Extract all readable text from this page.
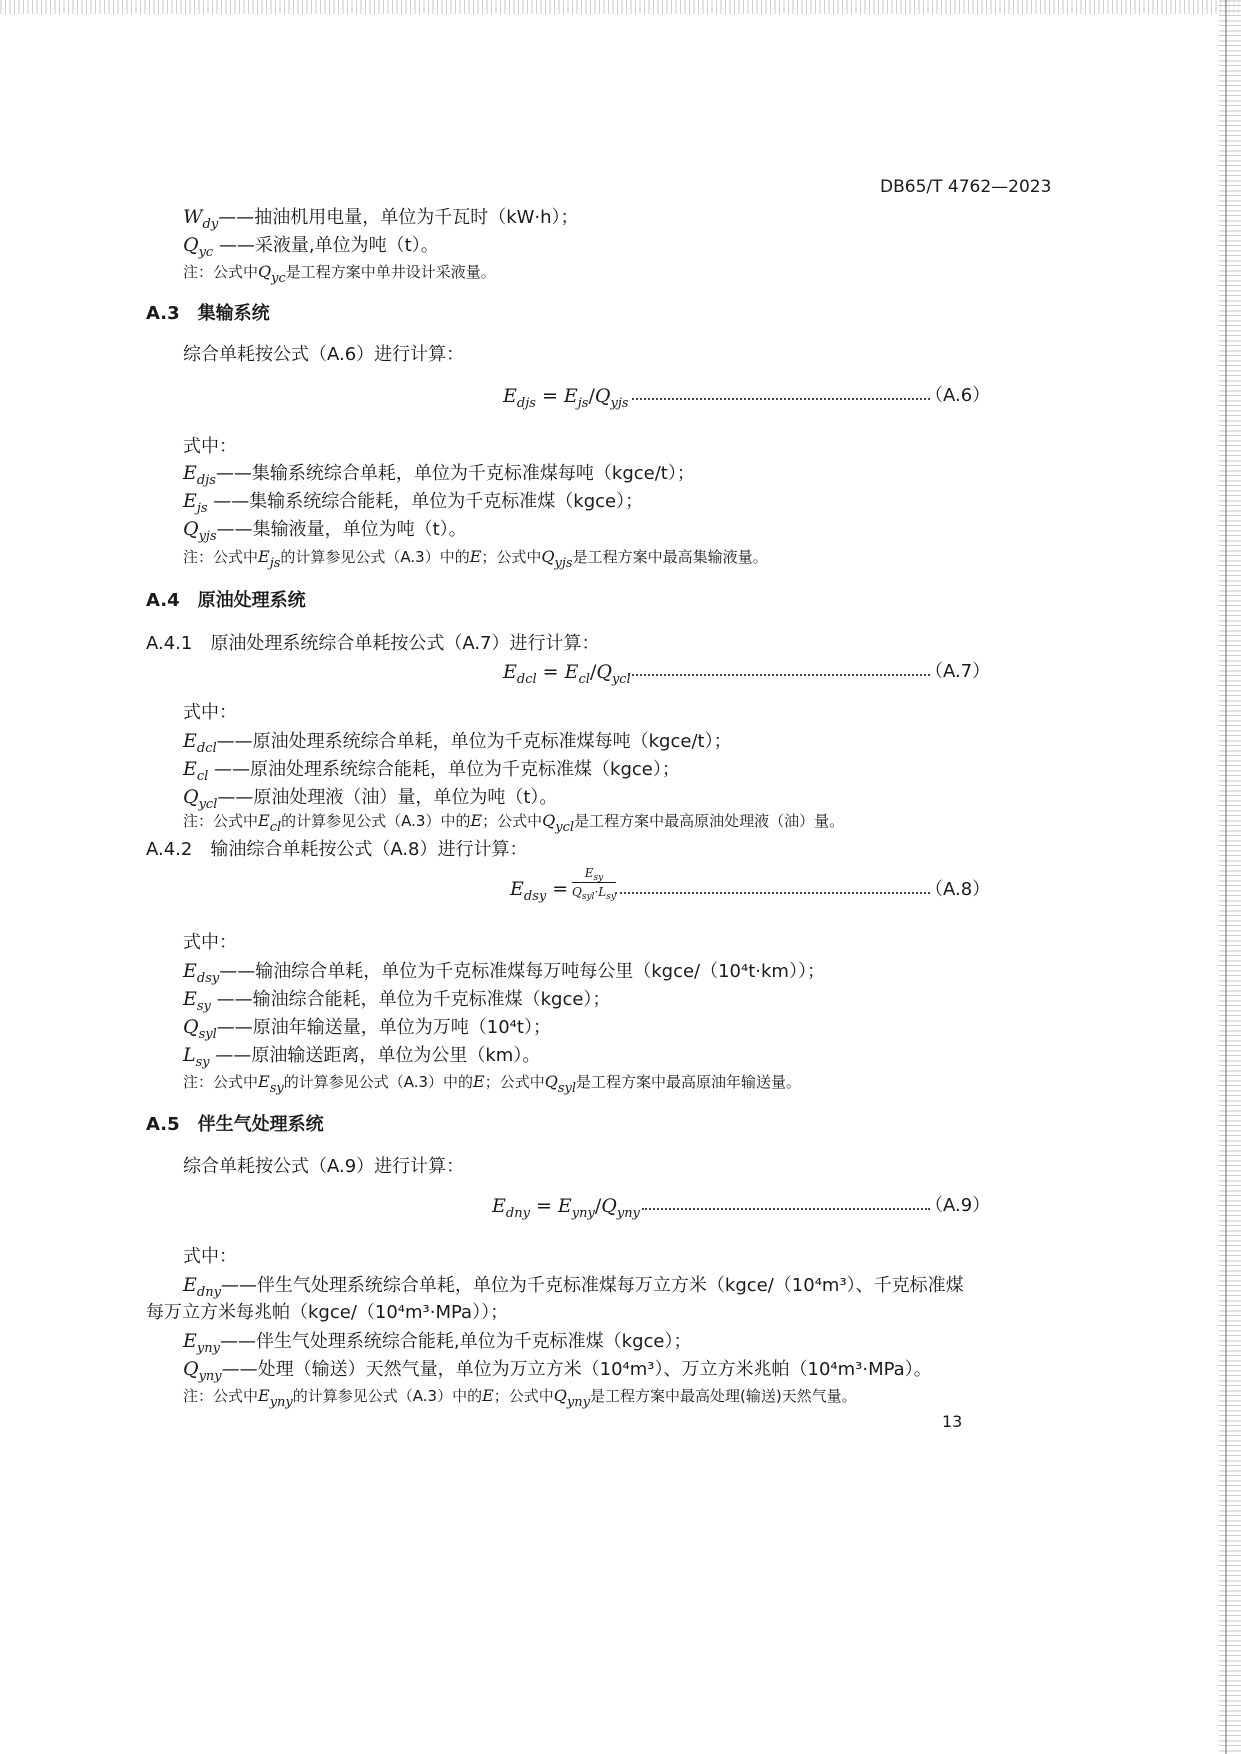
DB65/T 4762—2023
$W_{dy}——$抽油机用电量，单位为千瓦时（kW·h）；
$Q_{yc}$ ——采液量,单位为吨（t）。
注：公式中$Q_{yc}$是工程方案中单井设计采液量。
A.3　集输系统
综合单耗按公式（A.6）进行计算：
$E_{djs} = E_{js}/Q_{yjs}$	（A.6）
式中：
$E_{djs}——$集输系统综合单耗，单位为千克标准煤每吨（kgce/t）；
$E_{js}$ ——集输系统综合能耗，单位为千克标准煤（kgce）；
$Q_{yjs}——$集输液量，单位为吨（t）。
注：公式中$E_{js}$的计算参见公式（A.3）中的E；公式中$Q_{yjs}$是工程方案中最高集输液量。
A.4　原油处理系统
A.4.1　原油处理系统综合单耗按公式（A.7）进行计算：
$E_{dcl} = E_{cl}/Q_{ycl}$	（A.7）
式中：
$E_{dcl}——$原油处理系统综合单耗，单位为千克标准煤每吨（kgce/t）；
$E_{cl}$ ——原油处理系统综合能耗，单位为千克标准煤（kgce）；
$Q_{ycl}——$原油处理液（油）量，单位为吨（t）。
注：公式中$E_{cl}$的计算参见公式（A.3）中的E；公式中$Q_{ycl}$是工程方案中最高原油处理液（油）量。
A.4.2　输油综合单耗按公式（A.8）进行计算：
$E_{dsy}$ =
$E_{sy}$
$Q_{syl}\cdot L_{sy}$	（A.8）
式中：
$E_{dsy}——$输油综合单耗，单位为千克标准煤每万吨每公里（kgce/（10⁴t·km））；
$E_{sy}$ ——输油综合能耗，单位为千克标准煤（kgce）；
$Q_{syl}——$原油年输送量，单位为万吨（10⁴t）；
$L_{sy}$ ——原油输送距离，单位为公里（km）。
注：公式中$E_{sy}$的计算参见公式（A.3）中的E；公式中$Q_{syl}$是工程方案中最高原油年输送量。
A.5　伴生气处理系统
综合单耗按公式（A.9）进行计算：
$E_{dny} = E_{yny}/Q_{yny}$	（A.9）
式中：
$E_{dny}——$伴生气处理系统综合单耗，单位为千克标准煤每万立方米（kgce/（10⁴m³）、千克标准煤
每万立方米每兆帕（kgce/（10⁴m³·MPa））；
$E_{yny}——$伴生气处理系统综合能耗,单位为千克标准煤（kgce）；
$Q_{yny}——$处理（输送）天然气量，单位为万立方米（10⁴m³）、万立方米兆帕（10⁴m³·MPa）。
注：公式中$E_{yny}$的计算参见公式（A.3）中的E；公式中$Q_{yny}$是工程方案中最高处理(输送)天然气量。
13
